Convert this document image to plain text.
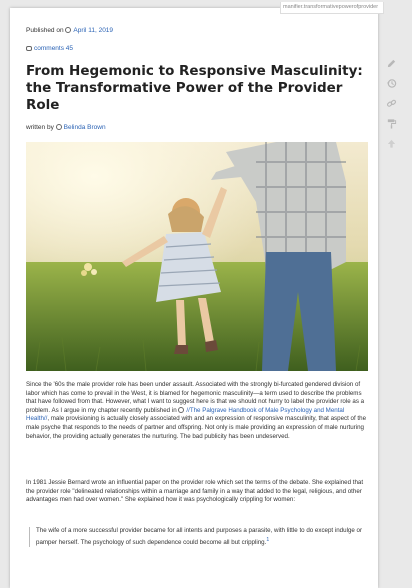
manifier.transformativepowerofprovider
Published on April 11, 2019
comments 45
From Hegemonic to Responsive Masculinity: the Transformative Power of the Provider Role
written by Belinda Brown

Since the '60s the male provider role has been under assault. Associated with the strongly bi-furcated gendered division of labor which has come to prevail in the West, it is blamed for hegemonic masculinity—a term used to describe the problems that have followed from that. However, what I want to suggest here is that we should not hurry to label the provider role as a problem. As I argue in my chapter recently published in //The Palgrave Handbook of Male Psychology and Mental Health//, male provisioning is actually closely associated with and an expression of responsive masculinity, that aspect of the male psyche that responds to the needs of partner and offspring. Not only is male providing an expression of male nurturing behavior, the providing actually generates the nurturing. The bad publicity has been undeserved.

In 1981 Jessie Bernard wrote an influential paper on the provider role which set the terms of the debate. She explained that the provider role "delineated relationships within a marriage and family in a way that added to the legal, religious, and other advantages men had over women." She explained how it was psychologically crippling for women:

The wife of a more successful provider became for all intents and purposes a parasite, with little to do except indulge or pamper herself. The psychology of such dependence could become all but crippling.$^1$
